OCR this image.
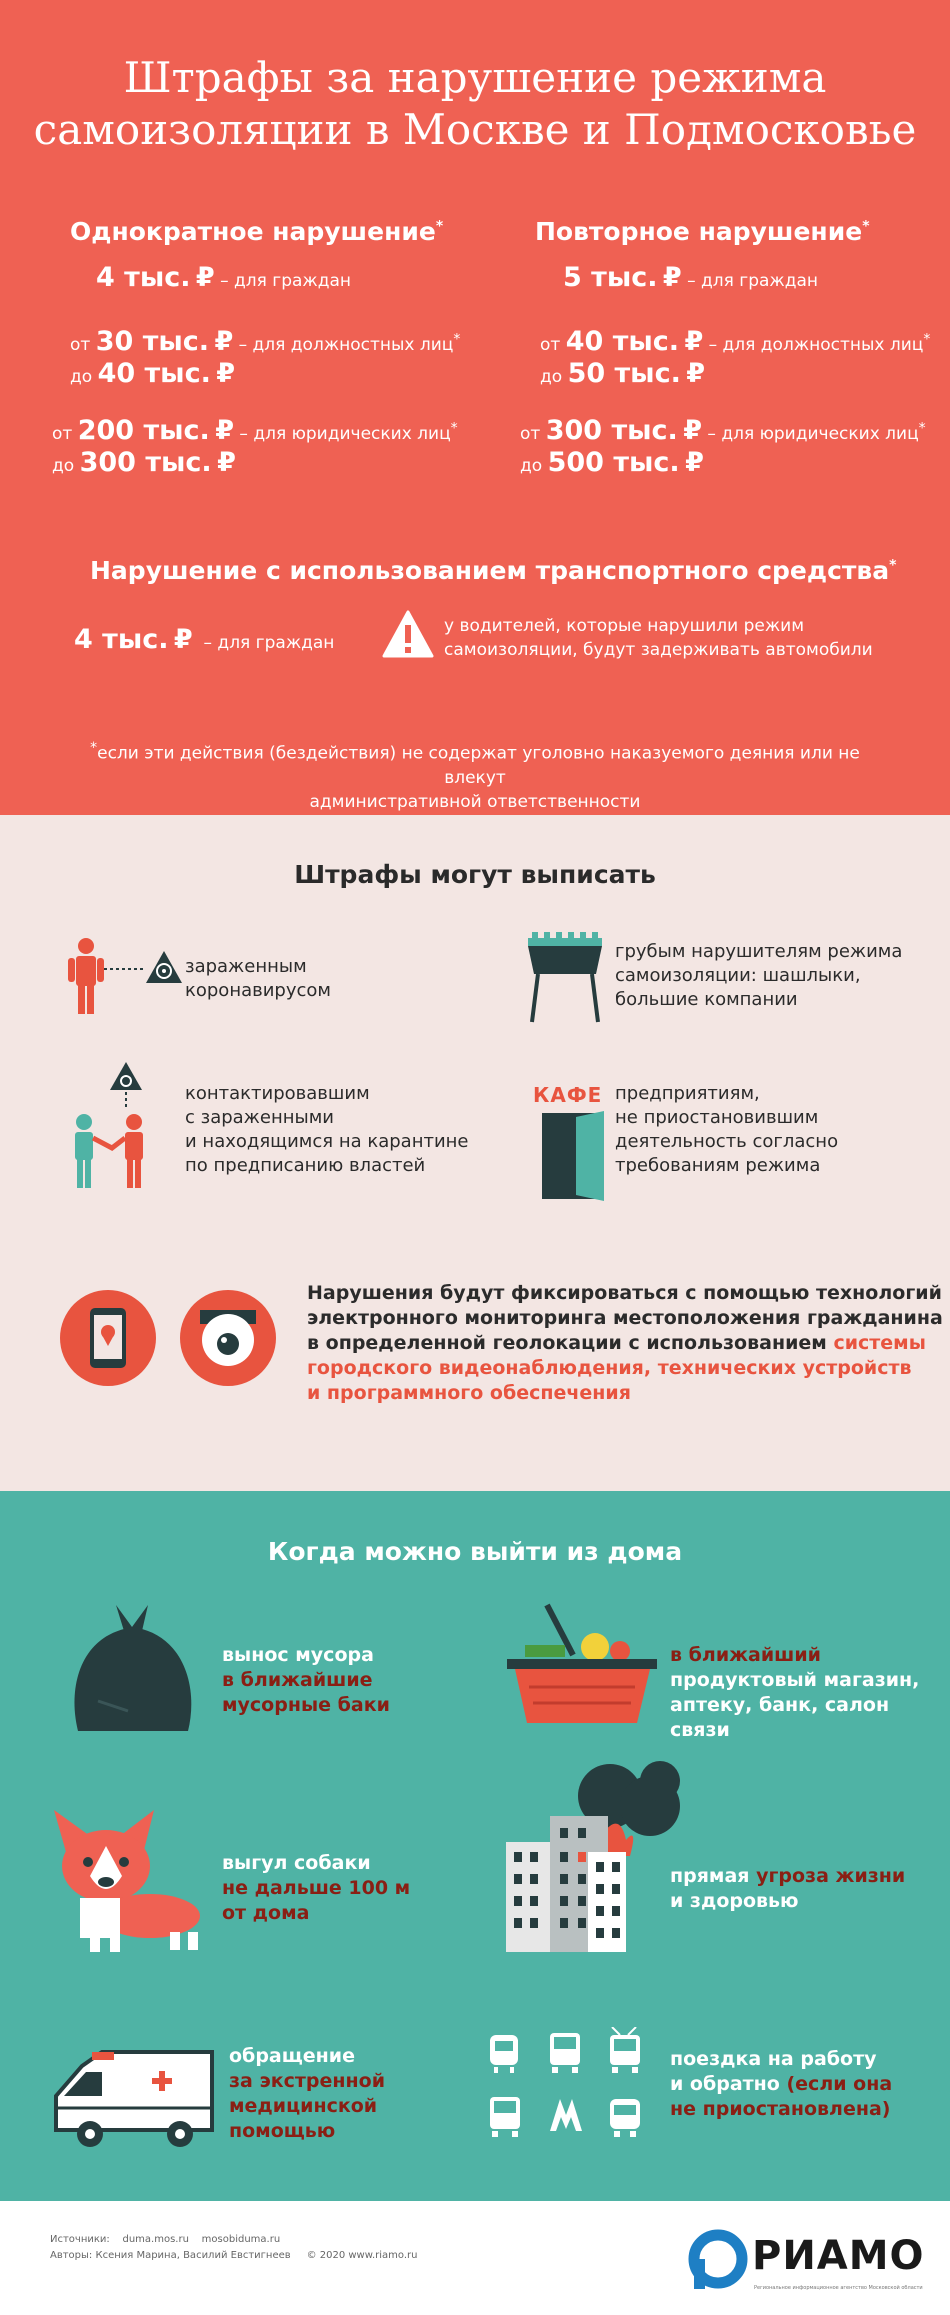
Штрафы за нарушение режима
самоизоляции в Москве и Подмосковье
Однократное нарушение*
4 тыс. ₽ – для граждан
от 30 тыс. ₽ – для должностных лиц*
до 40 тыс. ₽
от 200 тыс. ₽ – для юридических лиц*
до 300 тыс. ₽
Повторное нарушение*
5 тыс. ₽ – для граждан
от 40 тыс. ₽ – для должностных лиц*
до 50 тыс. ₽
от 300 тыс. ₽ – для юридических лиц*
до 500 тыс. ₽
Нарушение с использованием транспортного средства*
4 тыс. ₽ – для граждан
у водителей, которые нарушили режим
самоизоляции, будут задерживать автомобили
*если эти действия (бездействия) не содержат уголовно наказуемого деяния или не влекут
административной ответственности
Штрафы могут выписать
зараженным
коронавирусом
грубым нарушителям режима
самоизоляции: шашлыки,
большие компании
контактировавшим
с зараженными
и находящимся на карантине
по предписанию властей
КАФЕ предприятиям,
не приостановившим
деятельность согласно
требованиям режима
Нарушения будут фиксироваться с помощью технологий
электронного мониторинга местоположения гражданина
в определенной геолокации с использованием системы
городского видеонаблюдения, технических устройств
и программного обеспечения
Когда можно выйти из дома
вынос мусора
в ближайшие
мусорные баки
в ближайший
продуктовый магазин,
аптеку, банк, салон
связи
выгул собаки
не дальше 100 м
от дома
прямая угроза жизни
и здоровью
обращение
за экстренной
медицинской
помощью
поездка на работу
и обратно (если она
не приостановлена)
Источники: duma.mos.ru mosobiduma.ru
Авторы: Ксения Марина, Василий Евстигнеев © 2020 www.riamo.ru	РИАМО
Региональное информационное агентство Московской области
